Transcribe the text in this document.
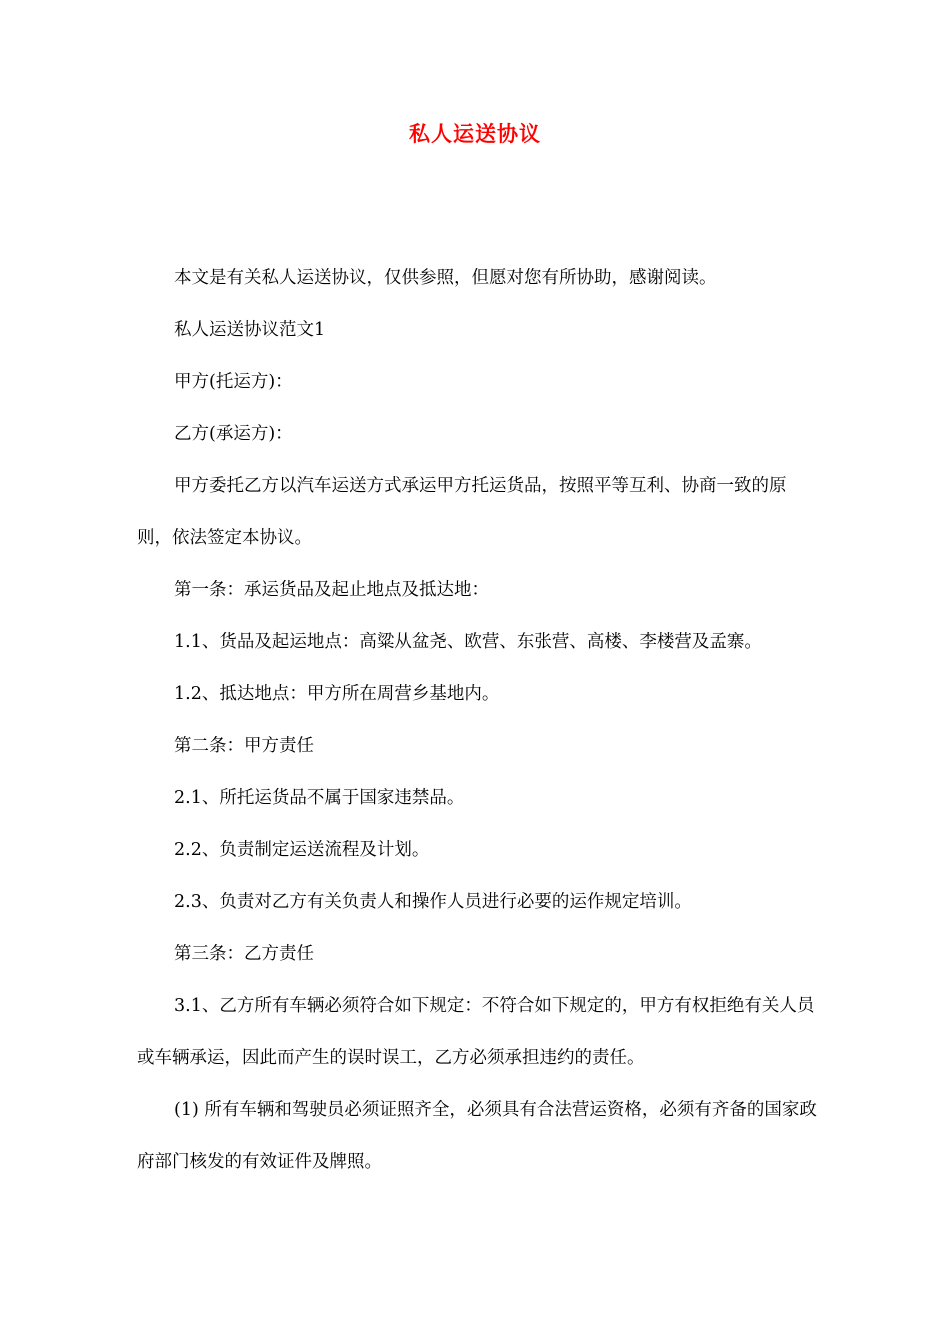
私人运送协议

本文是有关私人运送协议，仅供参照，但愿对您有所协助，感谢阅读。

私人运送协议范文1

甲方(托运方)：

乙方(承运方)：

甲方委托乙方以汽车运送方式承运甲方托运货品，按照平等互利、协商一致的原则，依法签定本协议。

第一条：承运货品及起止地点及抵达地：

1.1、货品及起运地点：高粱从盆尧、欧营、东张营、高楼、李楼营及孟寨。

1.2、抵达地点：甲方所在周营乡基地内。

第二条：甲方责任

2.1、所托运货品不属于国家违禁品。

2.2、负责制定运送流程及计划。

2.3、负责对乙方有关负责人和操作人员进行必要的运作规定培训。

第三条：乙方责任

3.1、乙方所有车辆必须符合如下规定：不符合如下规定的，甲方有权拒绝有关人员或车辆承运，因此而产生的误时误工，乙方必须承担违约的责任。

(1) 所有车辆和驾驶员必须证照齐全，必须具有合法营运资格，必须有齐备的国家政府部门核发的有效证件及牌照。
